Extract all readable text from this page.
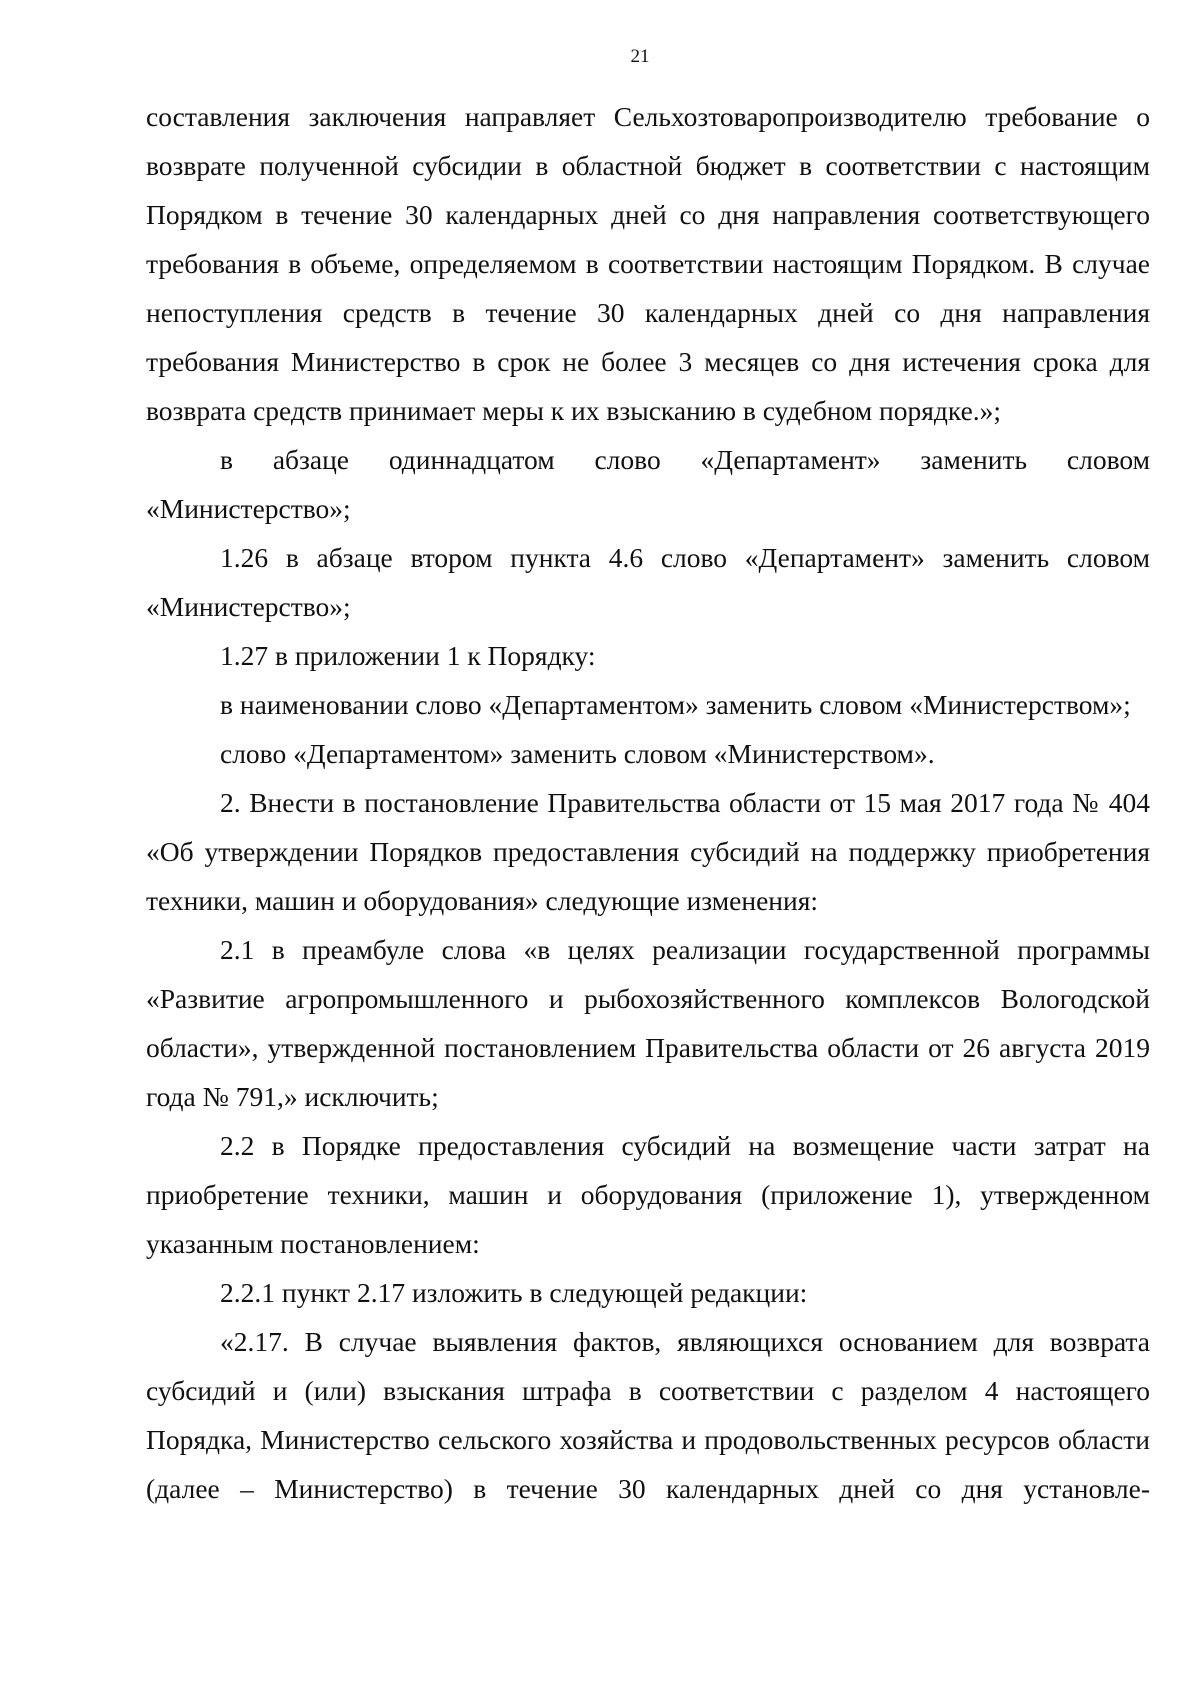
21

составления заключения направляет Сельхозтоваропроизводителю требование о возврате полученной субсидии в областной бюджет в соответствии с настоящим Порядком в течение 30 календарных дней со дня направления соответствующего требования в объеме, определяемом в соответствии настоящим Порядком. В случае непоступления средств в течение 30 календарных дней со дня направления требования Министерство в срок не более 3 месяцев со дня истечения срока для возврата средств принимает меры к их взысканию в судебном порядке.»;

в абзаце одиннадцатом слово «Департамент» заменить словом «Министерство»;

1.26 в абзаце втором пункта 4.6 слово «Департамент» заменить словом «Министерство»;

1.27 в приложении 1 к Порядку:

в наименовании слово «Департаментом» заменить словом «Министерством»;

слово «Департаментом» заменить словом «Министерством».

2. Внести в постановление Правительства области от 15 мая 2017 года № 404 «Об утверждении Порядков предоставления субсидий на поддержку приобретения техники, машин и оборудования» следующие изменения:

2.1 в преамбуле слова «в целях реализации государственной программы «Развитие агропромышленного и рыбохозяйственного комплексов Вологодской области», утвержденной постановлением Правительства области от 26 августа 2019 года № 791,» исключить;

2.2 в Порядке предоставления субсидий на возмещение части затрат на приобретение техники, машин и оборудования (приложение 1), утвержденном указанным постановлением:

2.2.1 пункт 2.17 изложить в следующей редакции:

«2.17. В случае выявления фактов, являющихся основанием для возврата субсидий и (или) взыскания штрафа в соответствии с разделом 4 настоящего Порядка, Министерство сельского хозяйства и продовольственных ресурсов области (далее – Министерство) в течение 30 календарных дней со дня установле-
